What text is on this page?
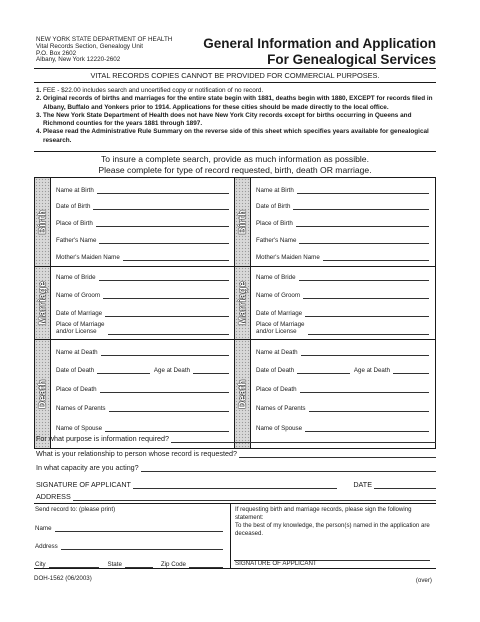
NEW YORK STATE DEPARTMENT OF HEALTH
Vital Records Section, Genealogy Unit
P.O. Box 2602
Albany, New York 12220-2602
General Information and Application
For Genealogical Services
VITAL RECORDS COPIES CANNOT BE PROVIDED FOR COMMERCIAL PURPOSES.
1. FEE - $22.00 includes search and uncertified copy or notification of no record.
2. Original records of births and marriages for the entire state begin with 1881, deaths begin with 1880, EXCEPT for records filed in Albany, Buffalo and Yonkers prior to 1914. Applications for these cities should be made directly to the local office.
3. The New York State Department of Health does not have New York City records except for births occurring in Queens and Richmond counties for the years 1881 through 1897.
4. Please read the Administrative Rule Summary on the reverse side of this sheet which specifies years available for genealogical research.
To insure a complete search, provide as much information as possible.
Please complete for type of record requested, birth, death OR marriage.
Birth
Name at Birth
Date of Birth
Place of Birth
Father's Name
Mother's Maiden Name
Marriage
Name of Bride
Name of Groom
Date of Marriage
Place of Marriage
and/or License
Death
Name at Death
Date of Death	Age at Death
Place of Death
Names of Parents
Name of Spouse
Birth
Name at Birth
Date of Birth
Place of Birth
Father's Name
Mother's Maiden Name
Marriage
Name of Bride
Name of Groom
Date of Marriage
Place of Marriage
and/or License
Death
Name at Death
Date of Death	Age at Death
Place of Death
Names of Parents
Name of Spouse
For what purpose is information required?
What is your relationship to person whose record is requested?
In what capacity are you acting?
SIGNATURE OF APPLICANT	DATE
ADDRESS
Send record to: (please print)
Name
Address
City	State	Zip Code
If requesting birth and marriage records, please sign the following statement:
To the best of my knowledge, the person(s) named in the application are deceased.
SIGNATURE OF APPLICANT
DOH-1562 (06/2003)	(over)
